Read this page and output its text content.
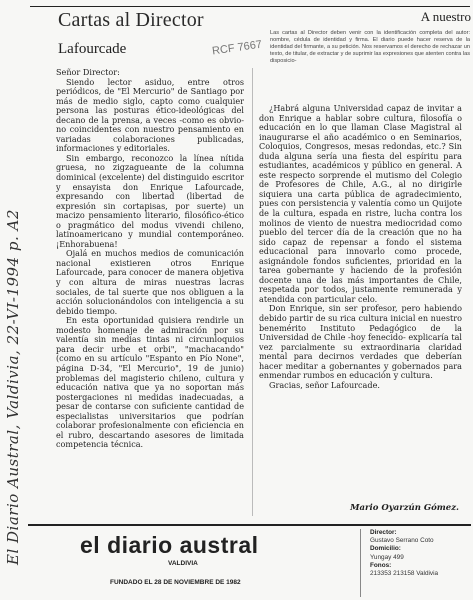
Cartas al Director	A nuestro
Las cartas al Director deben venir con la identificación completa del autor: nombre, cédula de identidad y firma. El diario puede hacer reserva de la identidad del firmante, a su petición. Nos reservamos el derecho de rechazar un texto, de titular, de extractar y de suprimir las expresiones que atenten contra las disposicio-
RCF 7667
Lafourcade
El Diario Austral, Valdivia, 22-VI-1994 p. A2

Señor Director:

Siendo lector asiduo, entre otros periódicos, de "El Mercurio" de Santiago por más de medio siglo, capto como cualquier persona las posturas ético-ideológicas del decano de la prensa, a veces -como es obvio- no coincidentes con nuestro pensamiento en variadas colaboraciones publicadas, informaciones y editoriales.

Sin embargo, reconozco la línea nítida gruesa, no zigzagueante de la columna dominical (excelente) del distinguido escritor y ensayista don Enrique Lafourcade, expresando con libertad (libertad de expresión sin cortapisas, por suerte) un macizo pensamiento literario, filosófico-ético o pragmático del modus vivendi chileno, latinoamericano y mundial contemporáneo. ¡Enhorabuena!

Ojalá en muchos medios de comunicación nacional existieren otros Enrique Lafourcade, para conocer de manera objetiva y con altura de miras nuestras lacras sociales, de tal suerte que nos obliguen a la acción solucionándolos con inteligencia a su debido tiempo.

En esta oportunidad quisiera rendirle un modesto homenaje de admiración por su valentía sin medias tintas ni circunloquios para decir urbe et orbi", "machacando" (como en su artículo "Espanto en Pío None", página D-34, "El Mercurio", 19 de junio) problemas del magisterio chileno, cultura y educación nativa que ya no soportan más postergaciones ni medidas inadecuadas, a pesar de contarse con suficiente cantidad de especialistas universitarios que podrían colaborar profesionalmente con eficiencia en el rubro, descartando asesores de limitada competencia técnica.

¿Habrá alguna Universidad capaz de invitar a don Enrique a hablar sobre cultura, filosofía o educación en lo que llaman Clase Magistral al inaugurarse el año académico o en Seminarios, Coloquios, Congresos, mesas redondas, etc.? Sin duda alguna sería una fiesta del espíritu para estudiantes, académicos y público en general. A este respecto sorprende el mutismo del Colegio de Profesores de Chile, A.G., al no dirigirle siquiera una carta pública de agradecimiento, pues con persistencia y valentía como un Quijote de la cultura, espada en ristre, lucha contra los molinos de viento de nuestra mediocridad como pueblo del tercer día de la creación que no ha sido capaz de repensar a fondo el sistema educacional para innovarlo como procede, asignándole fondos suficientes, prioridad en la tarea gobernante y haciendo de la profesión docente una de las más importantes de Chile, respetada por todos, justamente remunerada y atendida con particular celo.

Don Enrique, sin ser profesor, pero habiendo debido partir de su rica cultura inicial en nuestro benemérito Instituto Pedagógico de la Universidad de Chile -hoy fenecido- explicaría tal vez parcialmente su extraordinaria claridad mental para decirnos verdades que deberían hacer meditar a gobernantes y gobernados para enmendar rumbos en educación y cultura.

Gracias, señor Lafourcade.

Mario Oyarzún Gómez.
el diario austral
VALDIVIA
FUNDADO EL 28 DE NOVIEMBRE DE 1982
Director:
Gustavo Serrano Coto
Domicilio:
Yungay 499
Fonos:
213353 213158 Valdivia
